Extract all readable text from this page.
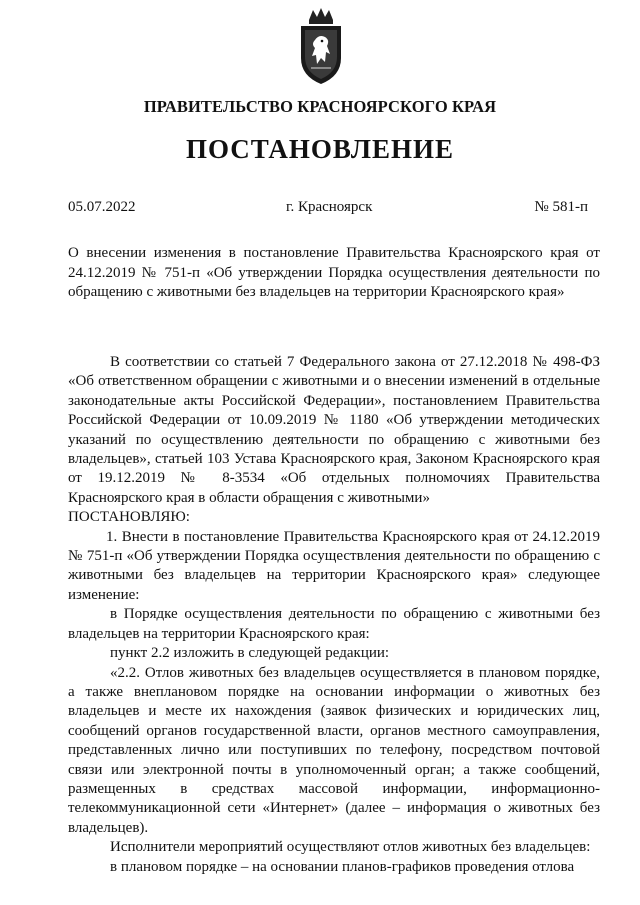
ПРАВИТЕЛЬСТВО КРАСНОЯРСКОГО КРАЯ
ПОСТАНОВЛЕНИЕ
05.07.2022	г. Красноярск	№ 581-п
О внесении изменения в постановление Правительства Красноярского края от 24.12.2019 № 751-п «Об утверждении Порядка осуществления деятельности по обращению с животными без владельцев на территории Красноярского края»

В соответствии со статьей 7 Федерального закона от 27.12.2018 № 498-ФЗ «Об ответственном обращении с животными и о внесении изменений в отдельные законодательные акты Российской Федерации», постановлением Правительства Российской Федерации от 10.09.2019 № 1180 «Об утверждении методических указаний по осуществлению деятельности по обращению с животными без владельцев», статьей 103 Устава Красноярского края, Законом Красноярского края от 19.12.2019 № 8-3534 «Об отдельных полномочиях Правительства Красноярского края в области обращения с животными»

ПОСТАНОВЛЯЮ:

1. Внести в постановление Правительства Красноярского края от 24.12.2019 № 751-п «Об утверждении Порядка осуществления деятельности по обращению с животными без владельцев на территории Красноярского края» следующее изменение:

в Порядке осуществления деятельности по обращению с животными без владельцев на территории Красноярского края:

пункт 2.2 изложить в следующей редакции:

«2.2. Отлов животных без владельцев осуществляется в плановом порядке, а также внеплановом порядке на основании информации о животных без владельцев и месте их нахождения (заявок физических и юридических лиц, сообщений органов государственной власти, органов местного самоуправления, представленных лично или поступивших по телефону, посредством почтовой связи или электронной почты в уполномоченный орган; а также сообщений, размещенных в средствах массовой информации, информационно-телекоммуникационной сети «Интернет» (далее – информация о животных без владельцев).

Исполнители мероприятий осуществляют отлов животных без владельцев:

в плановом порядке – на основании планов-графиков проведения отлова
